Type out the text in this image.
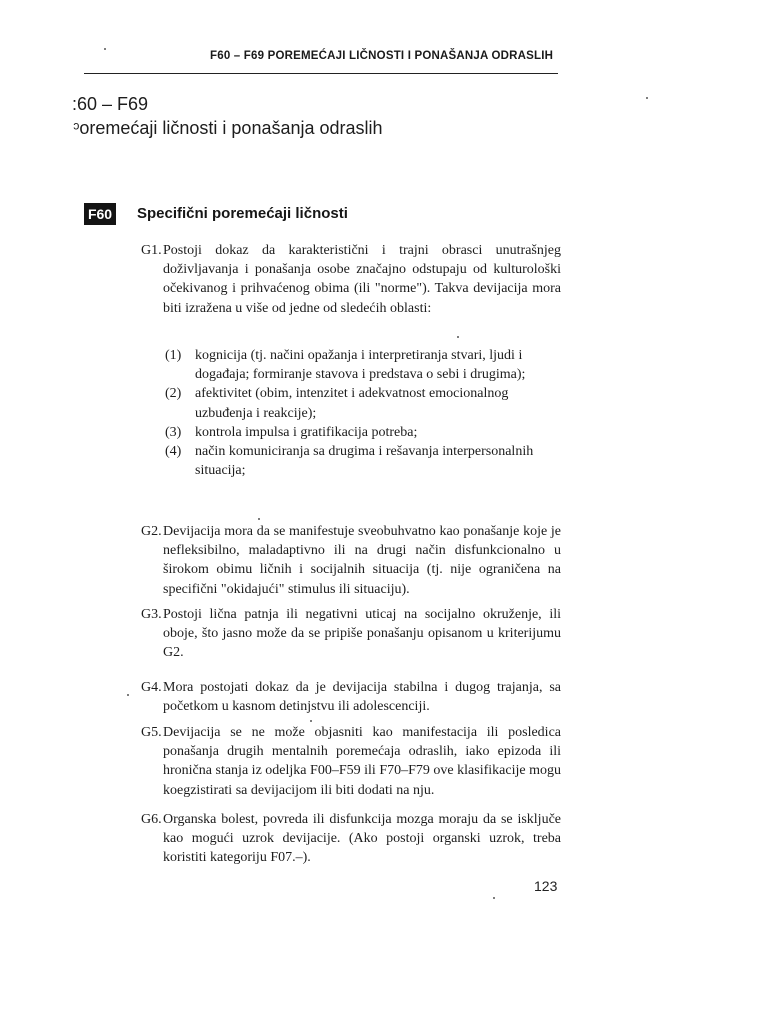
F60 – F69 POREMEĆAJI LIČNOSTI I PONAŠANJA ODRASLIH
:60 – F69
ᵓoremećaji ličnosti i ponašanja odraslih
F60 Specifični poremećaji ličnosti
G1. Postoji dokaz da karakteristični i trajni obrasci unutrašnjeg doživljavanja i ponašanja osobe značajno odstupaju od kulturološki očekivanog i prihvaćenog obima (ili "norme"). Takva devijacija mora biti izražena u više od jedne od sledećih oblasti:
(1) kognicija (tj. načini opažanja i interpretiranja stvari, ljudi i događaja; formiranje stavova i predstava o sebi i drugima);
(2) afektivitet (obim, intenzitet i adekvatnost emocionalnog uzbuđenja i reakcije);
(3) kontrola impulsa i gratifikacija potreba;
(4) način komuniciranja sa drugima i rešavanja interpersonalnih situacija;
G2. Devijacija mora da se manifestuje sveobuhvatno kao ponašanje koje je nefleksibilno, maladaptivno ili na drugi način disfunkcionalno u širokom obimu ličnih i socijalnih situacija (tj. nije ograničena na specifični "okidajući" stimulus ili situaciju).
G3. Postoji lična patnja ili negativni uticaj na socijalno okruženje, ili oboje, što jasno može da se pripiše ponašanju opisanom u kriterijumu G2.
G4. Mora postojati dokaz da je devijacija stabilna i dugog trajanja, sa početkom u kasnom detinjstvu ili adolescenciji.
G5. Devijacija se ne može objasniti kao manifestacija ili posledica ponašanja drugih mentalnih poremećaja odraslih, iako epizoda ili hronična stanja iz odeljka F00–F59 ili F70–F79 ove klasifikacije mogu koegzistirati sa devijacijom ili biti dodati na nju.
G6. Organska bolest, povreda ili disfunkcija mozga moraju da se isključe kao mogući uzrok devijacije. (Ako postoji organski uzrok, treba koristiti kategoriju F07.–).
123
